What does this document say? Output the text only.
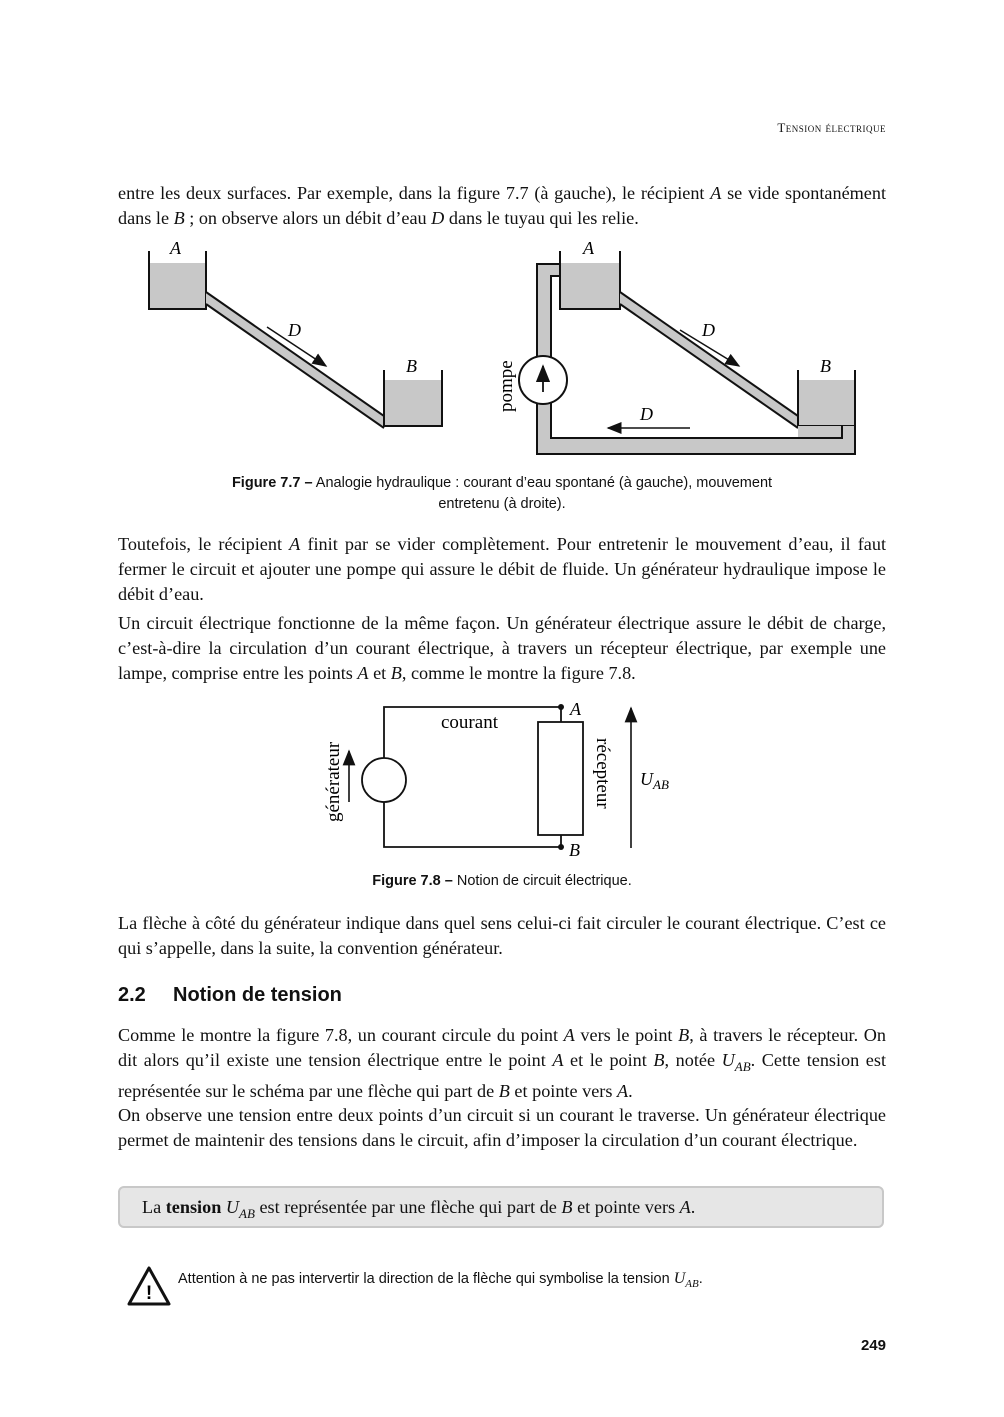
Tension électrique

entre les deux surfaces. Par exemple, dans la figure 7.7 (à gauche), le récipient A se vide spontanément dans le B ; on observe alors un débit d’eau D dans le tuyau qui les relie.

A
D
B	pompe
A
D
B
D
Figure 7.7 – Analogie hydraulique : courant d’eau spontané (à gauche), mouvement
entretenu (à droite).

Toutefois, le récipient A finit par se vider complètement. Pour entretenir le mouvement d’eau, il faut fermer le circuit et ajouter une pompe qui assure le débit de fluide. Un générateur hydraulique impose le débit d’eau.

Un circuit électrique fonctionne de la même façon. Un générateur électrique assure le débit de charge, c’est-à-dire la circulation d’un courant électrique, à travers un récepteur électrique, par exemple une lampe, comprise entre les points A et B, comme le montre la figure 7.8.

courant
générateur	récepteur
A
B
$U_{AB}$
Figure 7.8 – Notion de circuit électrique.

La flèche à côté du générateur indique dans quel sens celui-ci fait circuler le courant électrique. C’est ce qui s’appelle, dans la suite, la convention générateur.

2.2 Notion de tension

Comme le montre la figure 7.8, un courant circule du point A vers le point B, à travers le récepteur. On dit alors qu’il existe une tension électrique entre le point A et le point B, notée $U_{AB}$. Cette tension est représentée sur le schéma par une flèche qui part de B et pointe vers A.

On observe une tension entre deux points d’un circuit si un courant le traverse. Un générateur électrique permet de maintenir des tensions dans le circuit, afin d’imposer la circulation d’un courant électrique.

La tension $U_{AB}$ est représentée par une flèche qui part de B et pointe vers A.
!
Attention à ne pas intervertir la direction de la flèche qui symbolise la tension $U_{AB}$.
249
